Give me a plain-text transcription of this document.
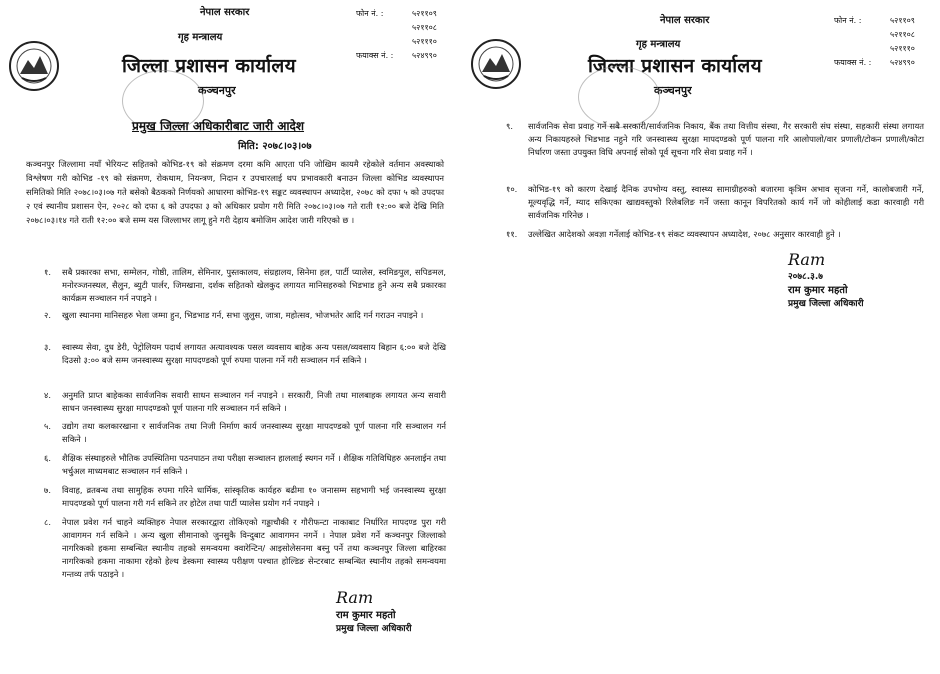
नेपाल सरकार
गृह मन्त्रालय
जिल्ला प्रशासन कार्यालय
कञ्चनपुर
फोन नं. :	५२११०९
५२११०८
५२१११०
फयाक्स नं. :	५२४९९०
प्रमुख जिल्ला अधिकारीबाट जारी आदेश
मिति: २०७८।०३।०७
कञ्चनपुर जिल्लामा नयाँ भेरियन्ट सहितको कोभिड-१९ को संक्रमण दरमा कमि आएता पनि जोखिम कायमै रहेकोले वर्तमान अवस्थाको विश्लेषण गरी कोभिड -१९ को संक्रमण, रोकथाम, नियन्त्रण, निदान र उपचारलाई थप प्रभावकारी बनाउन जिल्ला कोभिड व्यवस्थापन समितिको मिति २०७८।०३।०७ गते बसेको बैठकको निर्णयको आधारमा कोभिड-१९ सङ्कट व्यवस्थापन अध्यादेश, २०७८ को दफा ५ को उपदफा २ एवं स्थानीय प्रशासन ऐन, २०२८ को दफा ६ को उपदफा ३ को अधिकार प्रयोग गरी मिति २०७८।०३।०७ गते राती १२:०० बजे देखि मिति २०७८।०३।१४ गते राती १२:०० बजे सम्म यस जिल्लाभर लागू हुने गरी देहाय बमोजिम आदेश जारी गरिएको छ ।
१.	सबै प्रकारका सभा, सम्मेलन, गोष्ठी, तालिम, सेमिनार, पुस्तकालय, संग्रहालय, सिनेमा हल, पार्टी प्यालेस, स्वमिङपुल, सपिङमल, मनोरञ्जनस्थल, सैलुन, ब्युटी पार्लर, जिमखाना, दर्शक सहितको खेलकुद लगायत मानिसहरुको भिडभाड हुने अन्य सबै प्रकारका कार्यक्रम सञ्चालन गर्न नपाइने ।
२.	खुला स्थानमा मानिसहरु भेला जम्मा हुन, भिडभाड गर्न, सभा जुलुस, जात्रा, महोत्सव, भोजभतेर आदि गर्न गराउन नपाइने ।
३.	स्वास्थ्य सेवा, दुध डेरी, पेट्रोलियम पदार्थ लगायत अत्यावश्यक पसल व्यवसाय बाहेक अन्य पसल/व्यवसाय बिहान ६:०० बजे देखि दिउसो ३:०० बजे सम्म जनस्वास्थ्य सुरक्षा मापदण्डको पूर्ण रुपमा पालना गर्ने गरी सञ्चालन गर्न सकिने ।
४.	अनुमति प्राप्त बाहेकका सार्वजनिक सवारी साधन सञ्चालन गर्न नपाइने । सरकारी, निजी तथा मालबाहक लगायत अन्य सवारी साधन जनस्वास्थ्य सुरक्षा मापदण्डको पूर्ण पालना गरि सञ्चालन गर्न सकिने ।
५.	उद्योग तथा कलकारखाना र सार्वजनिक तथा निजी निर्माण कार्य जनस्वास्थ्य सुरक्षा मापदण्डको पूर्ण पालना गरि सञ्चालन गर्न सकिने ।
६.	शैक्षिक संस्थाहरुले भौतिक उपस्थितिमा पठनपाठन तथा परीक्षा सञ्चालन हाललाई स्थगन गर्ने । शैक्षिक गतिविधिहरु अनलाईन तथा भर्चुअल माध्यमबाट सञ्चालन गर्न सकिने ।
७.	विवाह, व्रतबन्ध तथा सामुहिक रुपमा गरिने धार्मिक, सांस्कृतिक कार्यहरु बढीमा १० जनासम्म सहभागी भई जनस्वास्थ्य सुरक्षा मापदण्डको पूर्ण पालना गरी गर्न सकिने तर होटेल तथा पार्टी प्यालेस प्रयोग गर्न नपाइने ।
८.	नेपाल प्रवेश गर्न चाहने व्यक्तिहरु नेपाल सरकारद्वारा तोकिएको गड्डाचौकी र गौरीफन्टा नाकाबाट निर्धारित मापदण्ड पुरा गरी आवागमन गर्न सकिने । अन्य खुला सीमानाको जुनसुकै विन्दुबाट आवागमन नगर्ने । नेपाल प्रवेश गर्ने कञ्चनपुर जिल्लाको नागरिकको हकमा सम्बन्धित स्थानीय तहको समन्वयमा क्वारेन्टिन/ आइसोलेसनमा बस्नु पर्ने तथा कञ्चनपुर जिल्ला बाहिरका नागरिकको हकमा नाकामा रहेको हेल्थ डेस्कमा स्वास्थ्य परीक्षण पश्चात होल्डिङ सेन्टरबाट सम्बन्धित स्थानीय तहको समन्वयमा गन्तव्य तर्फ पठाइने ।
Ram
राम कुमार महतो
प्रमुख जिल्ला अधिकारी
नेपाल सरकार
गृह मन्त्रालय
जिल्ला प्रशासन कार्यालय
कञ्चनपुर
फोन नं. :	५२११०९
५२११०८
५२१११०
फयाक्स नं. :	५२४९९०
९.	सार्वजनिक सेवा प्रवाह गर्ने सबै सरकारी/सार्वजनिक निकाय, बैंक तथा वित्तीय संस्था, गैर सरकारी संघ संस्था, सहकारी संस्था लगायत अन्य निकायहरुले भिडभाड नहुने गरि जनस्वास्थ्य सुरक्षा मापदण्डको पूर्ण पालना गरि आलोपालो/वार प्रणाली/टोकन प्रणाली/कोटा निर्धारण जस्ता उपयुक्त विधि अपनाई सोको पूर्व सूचना गरि सेवा प्रवाह गर्ने ।
१०.	कोभिड-१९ को कारण देखाई दैनिक उपभोग्य वस्तु, स्वास्थ्य सामाग्रीहरुको बजारमा कृत्रिम अभाव सृजना गर्ने, कालोबजारी गर्ने, मूल्यवृद्धि गर्ने, म्याद सकिएका खाद्यवस्तुको रिलेबलिङ गर्ने जस्ता कानून विपरितको कार्य गर्ने जो कोहीलाई कडा कारवाही गरी सार्वजनिक गरिनेछ ।
११.	उल्लेखित आदेशको अवज्ञा गर्नेलाई कोभिड-१९ संकट व्यवस्थापन अध्यादेश, २०७८ अनुसार कारवाही हुने ।
Ram
२०७८.३.७
राम कुमार महतो
प्रमुख जिल्ला अधिकारी
